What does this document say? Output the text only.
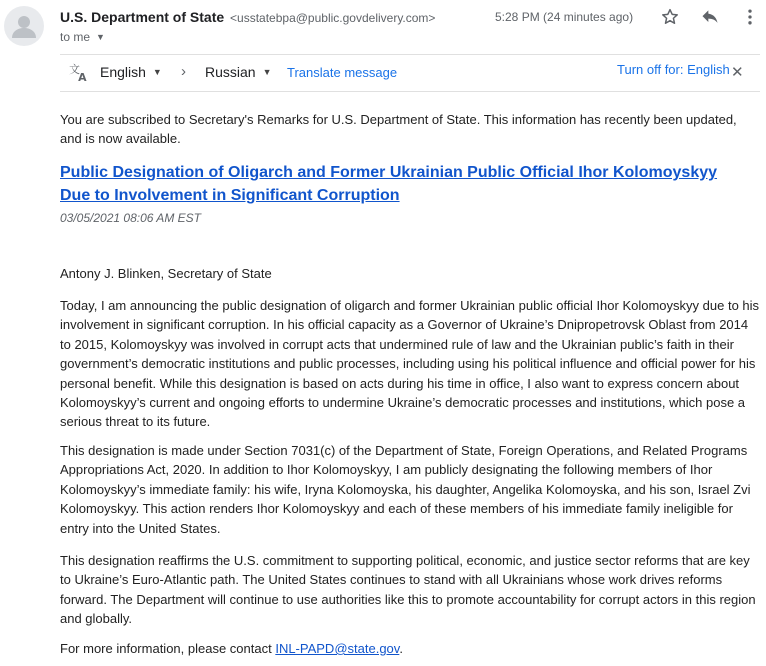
U.S. Department of State <usstatebpa@public.govdelivery.com>
to me ▼
5:28 PM (24 minutes ago)
文
A English ▼ › Russian ▼ Translate message	Turn off for: English ✕

You are subscribed to Secretary's Remarks for U.S. Department of State. This information has recently been updated, and is now available.

Public Designation of Oligarch and Former Ukrainian Public Official Ihor Kolomoyskyy Due to Involvement in Significant Corruption

03/05/2021 08:06 AM EST

Antony J. Blinken, Secretary of State

Today, I am announcing the public designation of oligarch and former Ukrainian public official Ihor Kolomoyskyy due to his involvement in significant corruption. In his official capacity as a Governor of Ukraine’s Dnipropetrovsk Oblast from 2014 to 2015, Kolomoyskyy was involved in corrupt acts that undermined rule of law and the Ukrainian public’s faith in their government’s democratic institutions and public processes, including using his political influence and official power for his personal benefit. While this designation is based on acts during his time in office, I also want to express concern about Kolomoyskyy’s current and ongoing efforts to undermine Ukraine’s democratic processes and institutions, which pose a serious threat to its future.

This designation is made under Section 7031(c) of the Department of State, Foreign Operations, and Related Programs Appropriations Act, 2020. In addition to Ihor Kolomoyskyy, I am publicly designating the following members of Ihor Kolomoyskyy’s immediate family: his wife, Iryna Kolomoyska, his daughter, Angelika Kolomoyska, and his son, Israel Zvi Kolomoyskyy. This action renders Ihor Kolomoyskyy and each of these members of his immediate family ineligible for entry into the United States.

This designation reaffirms the U.S. commitment to supporting political, economic, and justice sector reforms that are key to Ukraine’s Euro-Atlantic path. The United States continues to stand with all Ukrainians whose work drives reforms forward. The Department will continue to use authorities like this to promote accountability for corrupt actors in this region and globally.

For more information, please contact INL-PAPD@state.gov.
